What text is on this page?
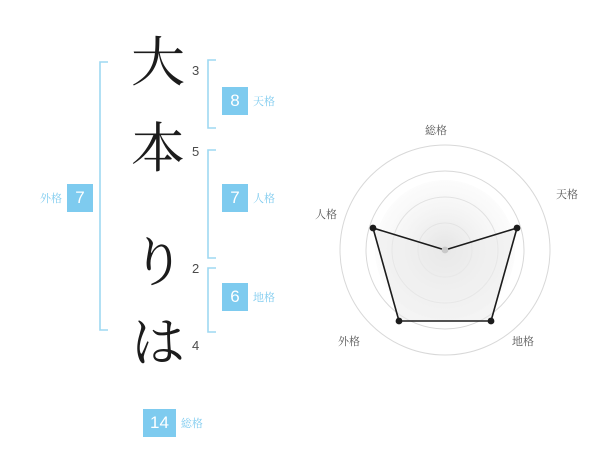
大
本
り
は
3
5
2
4
8	天格
7	人格
6	地格
7
外格
14	総格
総格
天格
地格
外格
人格
